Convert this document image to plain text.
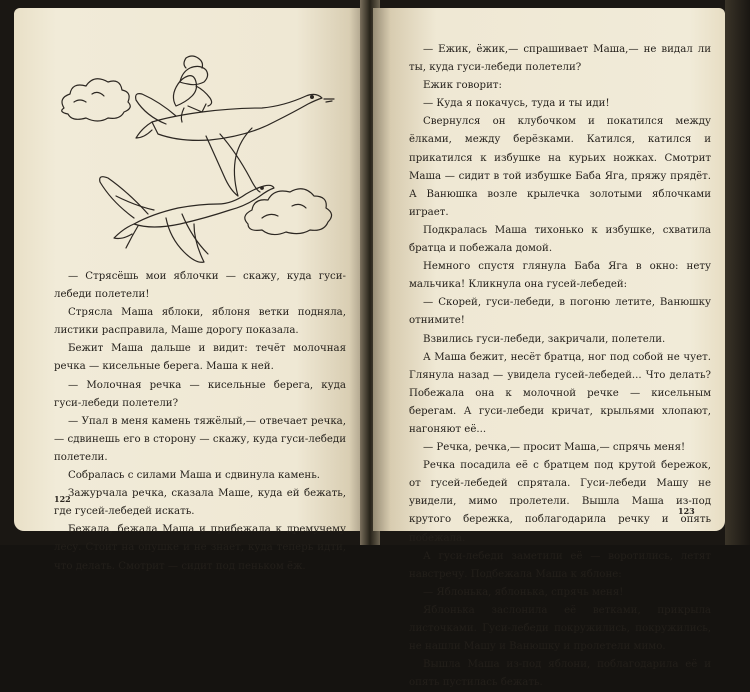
— Стрясёшь мои яблочки — скажу, куда гуси-лебеди полетели!

Стрясла Маша яблоки, яблоня ветки подняла, листики расправила, Маше дорогу показала.

Бежит Маша дальше и видит: течёт молочная речка — кисельные берега. Маша к ней.

— Молочная речка — кисельные берега, куда гуси-лебеди полетели?

— Упал в меня камень тяжёлый,— отвечает речка,— сдвинешь его в сторону — скажу, куда гуси-лебеди полетели.

Собралась с силами Маша и сдвинула камень.

Зажурчала речка, сказала Маше, куда ей бежать, где гусей-лебедей искать.

Бежала, бежала Маша и прибежала к дремучему лесу. Стоит на опушке и не знает, куда теперь идти, что делать. Смотрит — сидит под пеньком ёж.

122

— Ежик, ёжик,— спрашивает Маша,— не видал ли ты, куда гуси-лебеди полетели?

Ежик говорит:

— Куда я покачусь, туда и ты иди!

Свернулся он клубочком и покатился между ёлками, между берёзками. Катился, катился и прикатился к избушке на курьих ножках. Смотрит Маша — сидит в той избушке Баба Яга, пряжу прядёт. А Ванюшка возле крылечка золотыми яблочками играет.

Подкралась Маша тихонько к избушке, схватила братца и побежала домой.

Немного спустя глянула Баба Яга в окно: нету мальчика! Кликнула она гусей-лебедей:

— Скорей, гуси-лебеди, в погоню летите, Ванюшку отнимите!

Взвились гуси-лебеди, закричали, полетели.

А Маша бежит, несёт братца, ног под собой не чует. Глянула назад — увидела гусей-лебедей... Что делать? Побежала она к молочной речке — кисельным берегам. А гуси-лебеди кричат, крыльями хлопают, нагоняют её...

— Речка, речка,— просит Маша,— спрячь меня!

Речка посадила её с братцем под крутой бережок, от гусей-лебедей спрятала. Гуси-лебеди Машу не увидели, мимо пролетели. Вышла Маша из-под крутого бережка, поблагодарила речку и опять побежала.

А гуси-лебеди заметили её — воротились, летят навстречу. Подбежала Маша к яблоне:

— Яблонька, яблонька, спрячь меня!

Яблонька заслонила её ветками, прикрыла листочками. Гуси-лебеди покружились, покружились, не нашли Машу и Ванюшку и пролетели мимо.

Вышла Маша из-под яблони, поблагодарила её и опять пустилась бежать.

123
